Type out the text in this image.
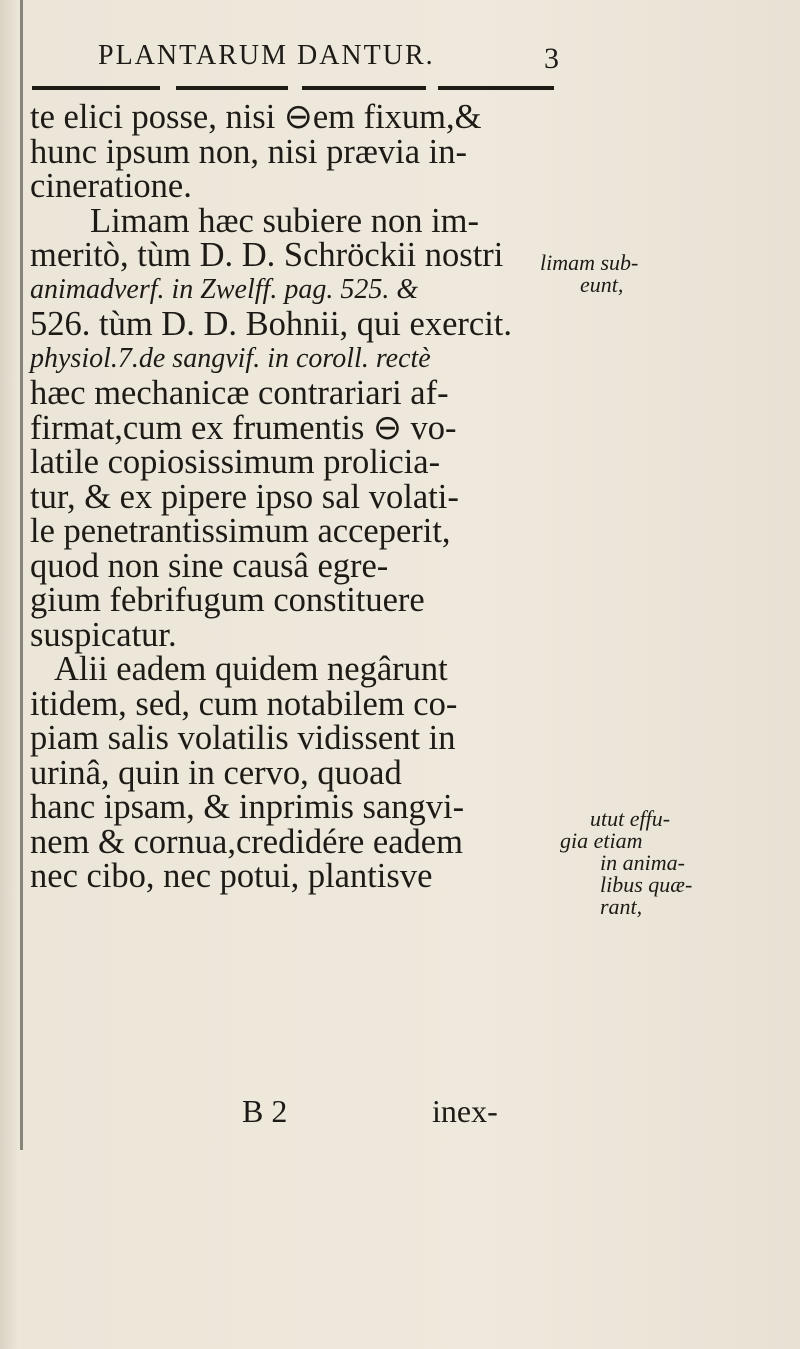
PLANTARUM DANTUR.	3
te elici posse, nisi ⊖em fixum,&
hunc ipsum non, nisi prævia in-
cineratione.
Limam hæc subiere non im-
meritò, tùm D. D. Schröckii nostri
animadverf. in Zwelff. pag. 525. &
526. tùm D. D. Bohnii, qui exercit.
physiol.7.de sangvif. in coroll. rectè
hæc mechanicæ contrariari af-
firmat,cum ex frumentis ⊖ vo-
latile copiosissimum prolicia-
tur, & ex pipere ipso sal volati-
le penetrantissimum acceperit,
quod non sine causâ egre-
gium febrifugum constituere
suspicatur.
Alii eadem quidem negârunt
itidem, sed, cum notabilem co-
piam salis volatilis vidissent in
urinâ, quin in cervo, quoad
hanc ipsam, & inprimis sangvi-
nem & cornua,credidére eadem
nec cibo, nec potui, plantisve
limam sub-
eunt,
utut effu-
gia etiam
in anima-
libus quæ-
rant,
B 2	inex-
